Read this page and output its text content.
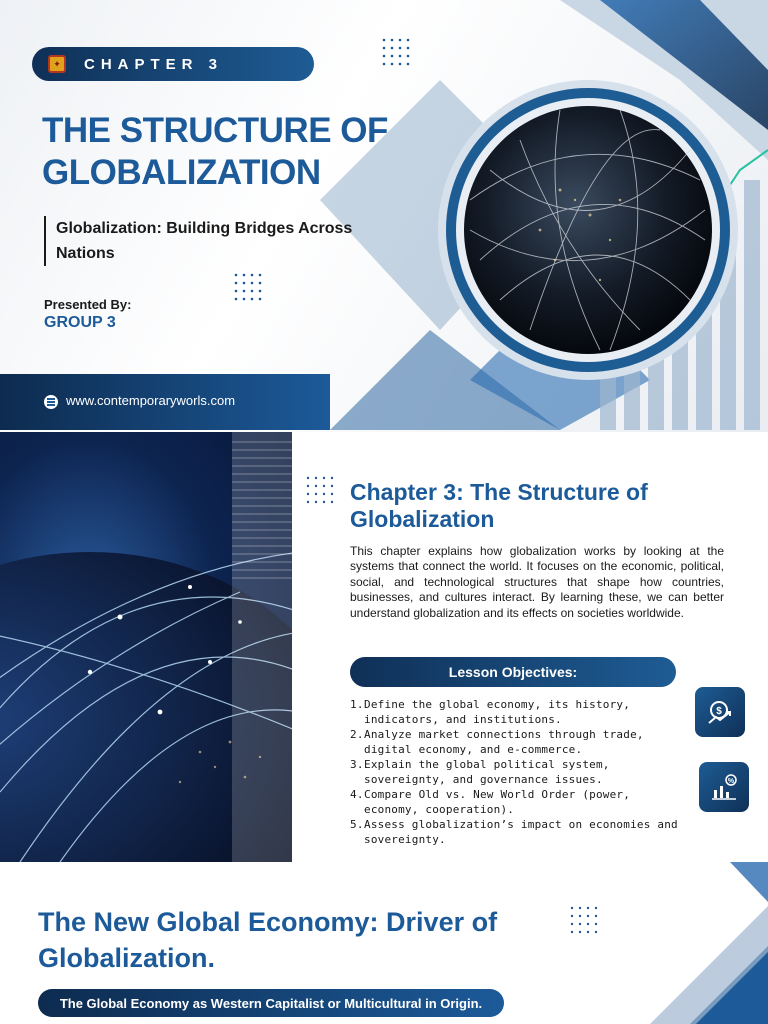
✦	CHAPTER 3
THE STRUCTURE OF GLOBALIZATION

Globalization: Building Bridges Across Nations

Presented By:

GROUP 3

www.contemporaryworls.com
Chapter 3: The Structure of Globalization

This chapter explains how globalization works by looking at the systems that connect the world. It focuses on the economic, political, social, and technological structures that shape how countries, businesses, and cultures interact. By learning these, we can better understand globalization and its effects on societies worldwide.

Lesson Objectives:
1. Define the global economy, its history, indicators, and institutions.
2. Analyze market connections through trade, digital economy, and e-commerce.
3. Explain the global political system, sovereignty, and governance issues.
4. Compare Old vs. New World Order (power, economy, cooperation).
5. Assess globalization’s impact on economies and sovereignty.
$
%
The New Global Economy: Driver of Globalization.
The Global Economy as Western Capitalist or Multicultural in Origin.
